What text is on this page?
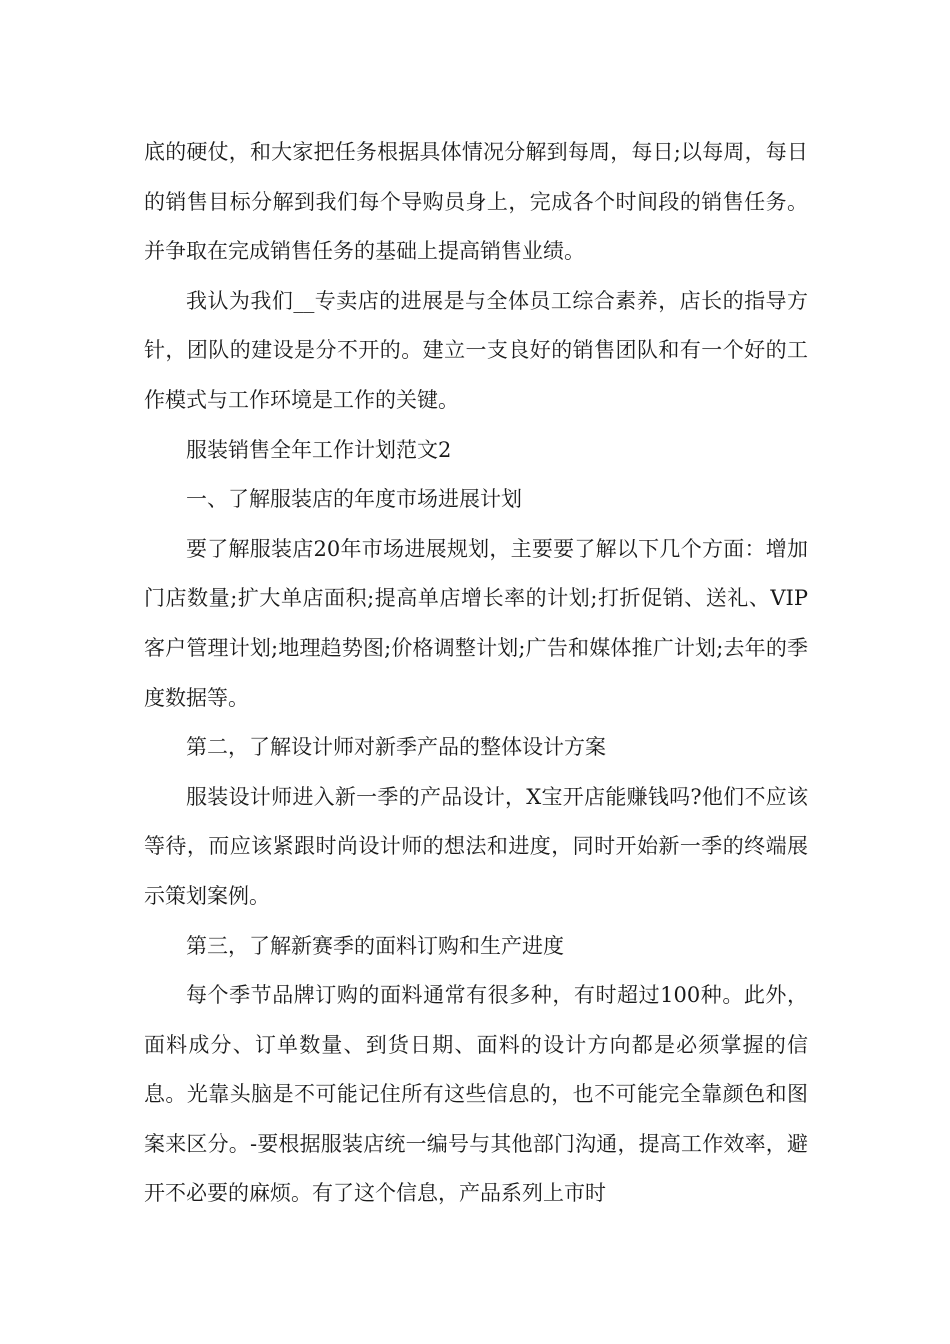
底的硬仗，和大家把任务根据具体情况分解到每周，每日;以每周，每日的销售目标分解到我们每个导购员身上，完成各个时间段的销售任务。并争取在完成销售任务的基础上提高销售业绩。

我认为我们__专卖店的进展是与全体员工综合素养，店长的指导方针，团队的建设是分不开的。建立一支良好的销售团队和有一个好的工作模式与工作环境是工作的关键。

服装销售全年工作计划范文2

一、了解服装店的年度市场进展计划

要了解服装店20年市场进展规划，主要要了解以下几个方面：增加门店数量;扩大单店面积;提高单店增长率的计划;打折促销、送礼、VIP客户管理计划;地理趋势图;价格调整计划;广告和媒体推广计划;去年的季度数据等。

第二，了解设计师对新季产品的整体设计方案

服装设计师进入新一季的产品设计，X宝开店能赚钱吗?他们不应该等待，而应该紧跟时尚设计师的想法和进度，同时开始新一季的终端展示策划案例。

第三，了解新赛季的面料订购和生产进度

每个季节品牌订购的面料通常有很多种，有时超过100种。此外，面料成分、订单数量、到货日期、面料的设计方向都是必须掌握的信息。光靠头脑是不可能记住所有这些信息的，也不可能完全靠颜色和图案来区分。-要根据服装店统一编号与其他部门沟通，提高工作效率，避开不必要的麻烦。有了这个信息，产品系列上市时
